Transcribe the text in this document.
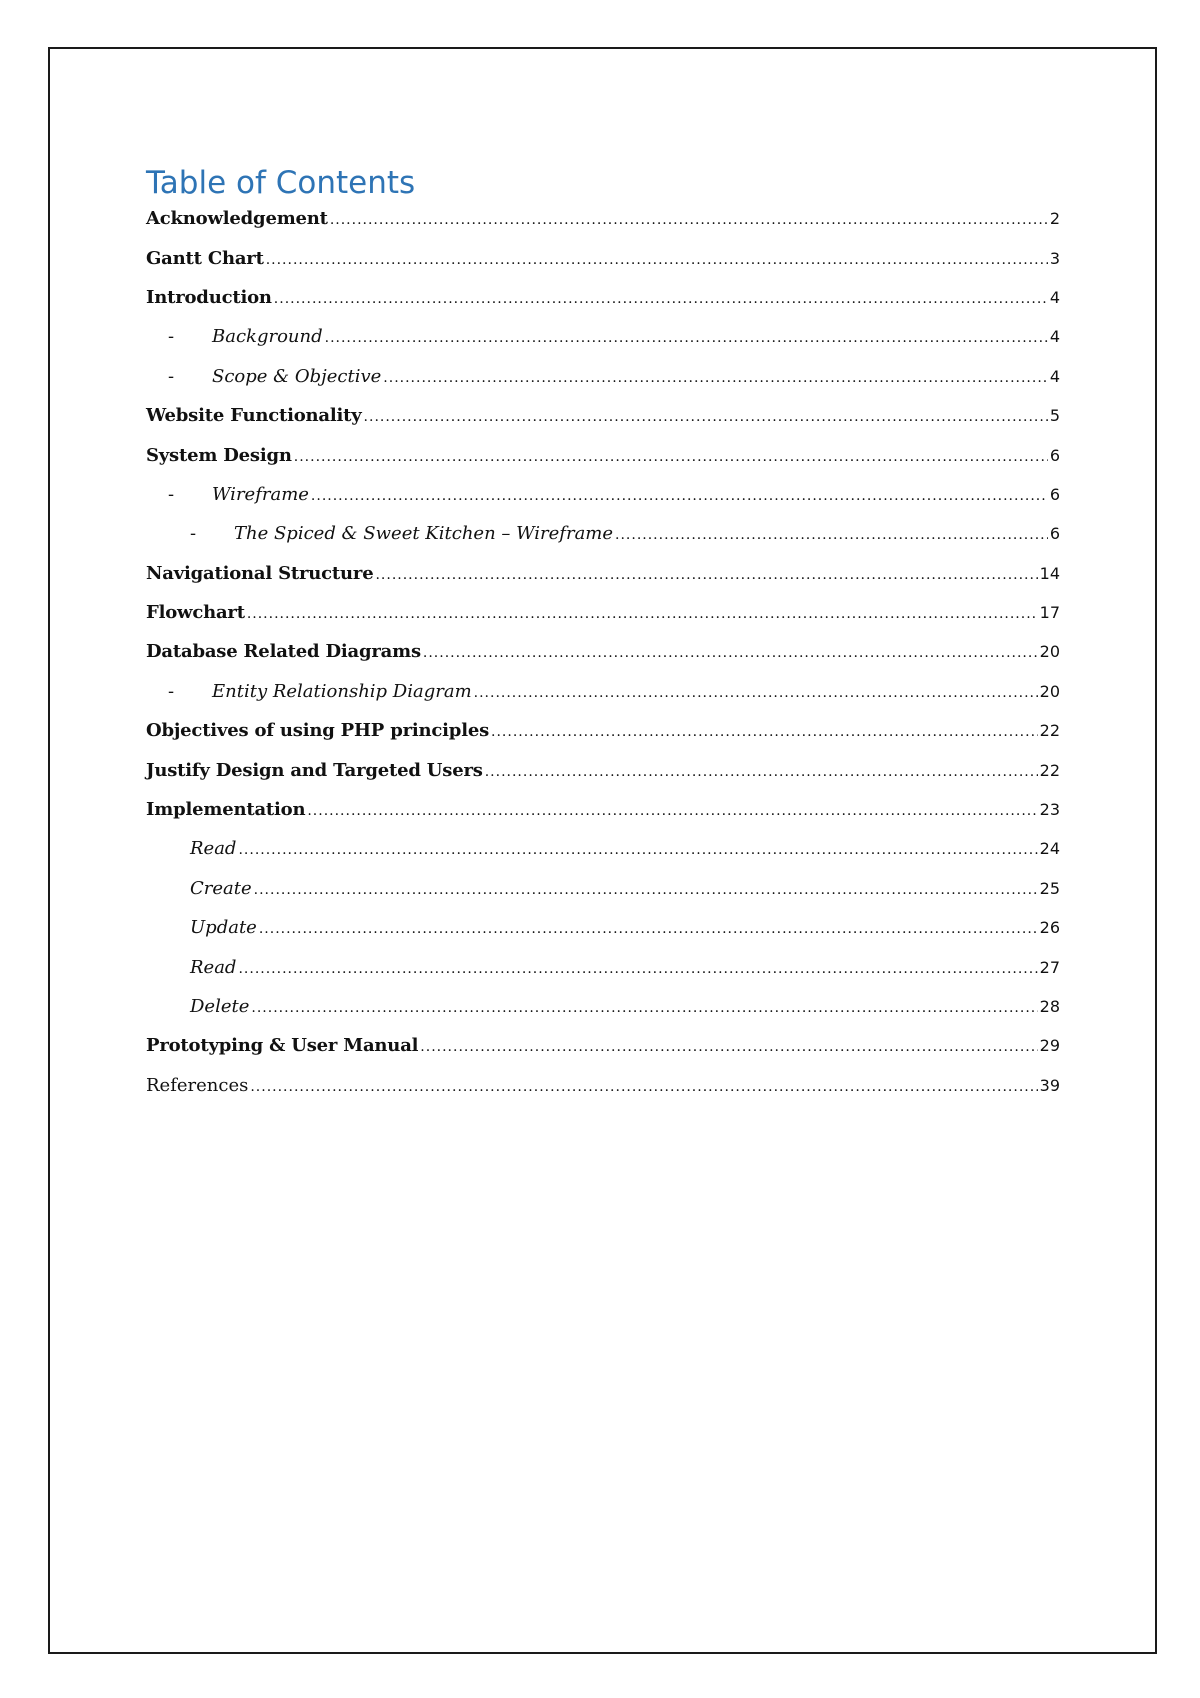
Table of Contents
Acknowledgement .....	2
Gantt Chart .....	3
Introduction .....	4
-	Background .....	4
-	Scope & Objective .....	4
Website Functionality .....	5
System Design .....	6
-	Wireframe .....	6
-	The Spiced & Sweet Kitchen – Wireframe .....	6
Navigational Structure .....	14
Flowchart .....	17
Database Related Diagrams .....	20
-	Entity Relationship Diagram .....	20
Objectives of using PHP principles .....	22
Justify Design and Targeted Users .....	22
Implementation .....	23
Read .....	24
Create .....	25
Update .....	26
Read .....	27
Delete .....	28
Prototyping & User Manual .....	29
References .....	39
